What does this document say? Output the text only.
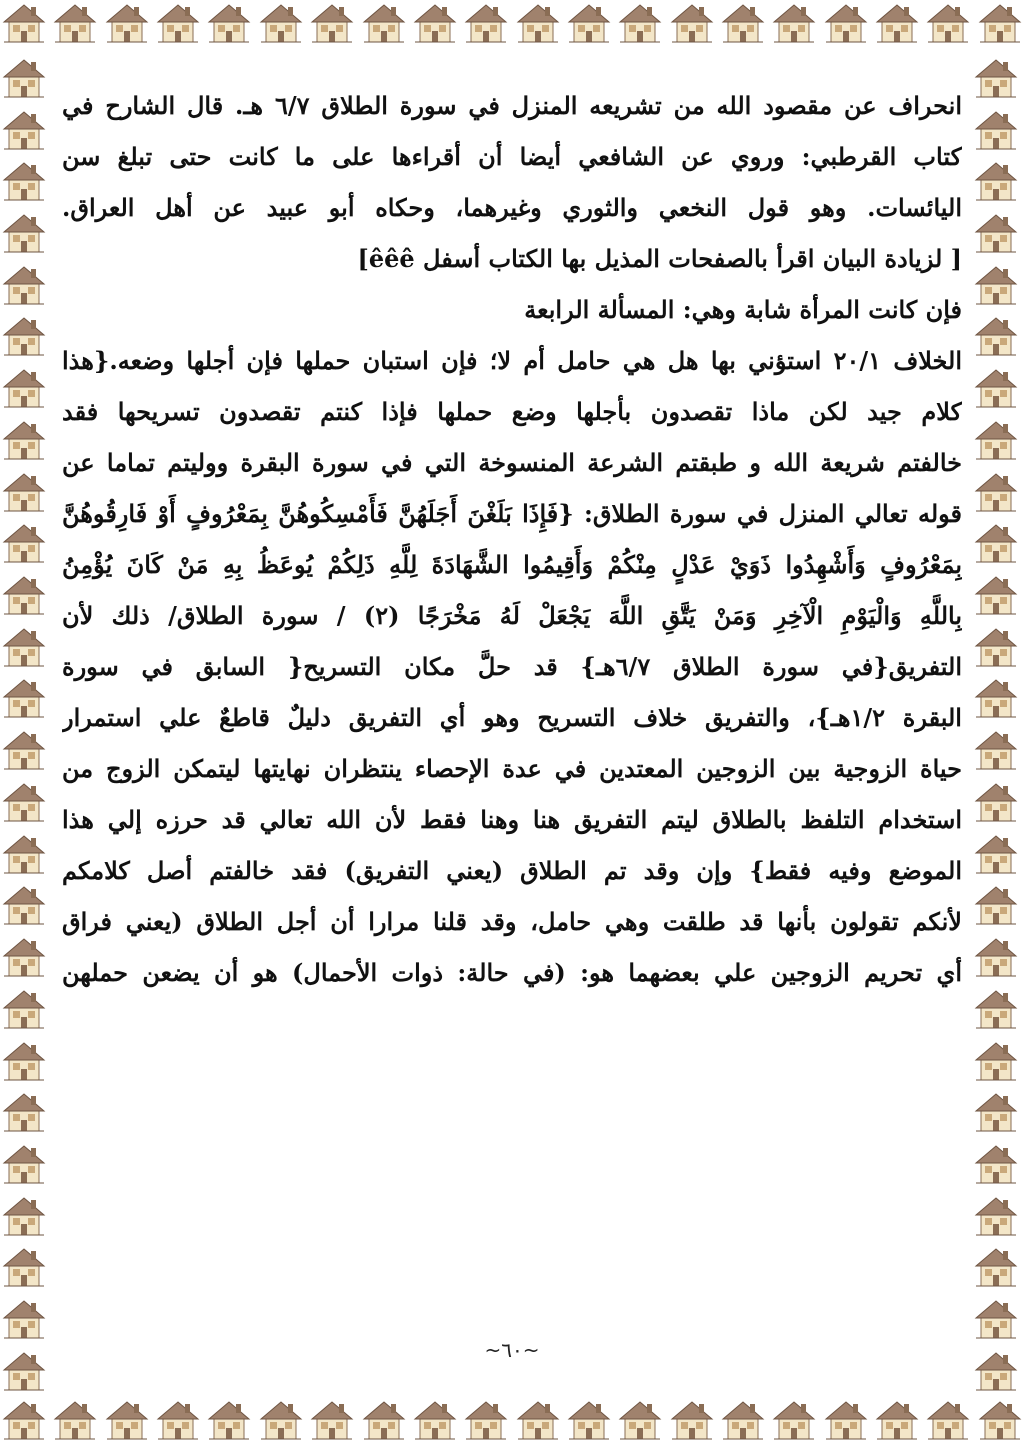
انحراف عن مقصود الله من تشريعه المنزل في سورة الطلاق ٦/٧ هـ. قال الشارح في
كتاب القرطبي: وروي عن الشافعي أيضا أن أقراءها على ما كانت حتى تبلغ سن
اليائسات. وهو قول النخعي والثوري وغيرهما، وحكاه أبو عبيد عن أهل العراق.
[ لزيادة البيان اقرأ بالصفحات المذيل بها الكتاب أسفل êêê]
فإن كانت المرأة شابة وهي: المسألة الرابعة
الخلاف ٢٠/١ استؤني بها هل هي حامل أم لا؛ فإن استبان حملها فإن أجلها وضعه.{هذا
كلام جيد لكن ماذا تقصدون بأجلها وضع حملها فإذا كنتم تقصدون تسريحها فقد
خالفتم شريعة الله و طبقتم الشرعة المنسوخة التي في سورة البقرة ووليتم تماما عن
قوله تعالي المنزل في سورة الطلاق: {فَإِذَا بَلَغْنَ أَجَلَهُنَّ فَأَمْسِكُوهُنَّ بِمَعْرُوفٍ أَوْ فَارِقُوهُنَّ
بِمَعْرُوفٍ وَأَشْهِدُوا ذَوَيْ عَدْلٍ مِنْكُمْ وَأَقِيمُوا الشَّهَادَةَ لِلَّهِ ذَلِكُمْ يُوعَظُ بِهِ مَنْ كَانَ يُؤْمِنُ
بِاللَّهِ وَالْيَوْمِ الْآخِرِ وَمَنْ يَتَّقِ اللَّهَ يَجْعَلْ لَهُ مَخْرَجًا (٢) / سورة الطلاق/ ذلك لأن
التفريق{في سورة الطلاق ٦/٧هـ} قد حلَّ مكان التسريح{ السابق في سورة
البقرة ١/٢هـ}، والتفريق خلاف التسريح وهو أي التفريق دليلٌ قاطعٌ علي استمرار
حياة الزوجية بين الزوجين المعتدين في عدة الإحصاء ينتظران نهايتها ليتمكن الزوج من
استخدام التلفظ بالطلاق ليتم التفريق هنا وهنا فقط لأن الله تعالي قد حرزه إلي هذا
الموضع وفيه فقط} وإن وقد تم الطلاق (يعني التفريق) فقد خالفتم أصل كلامكم
لأنكم تقولون بأنها قد طلقت وهي حامل، وقد قلنا مرارا أن أجل الطلاق (يعني فراق
أي تحريم الزوجين علي بعضهما هو: (في حالة: ذوات الأحمال) هو أن يضعن حملهن
~٦٠~
